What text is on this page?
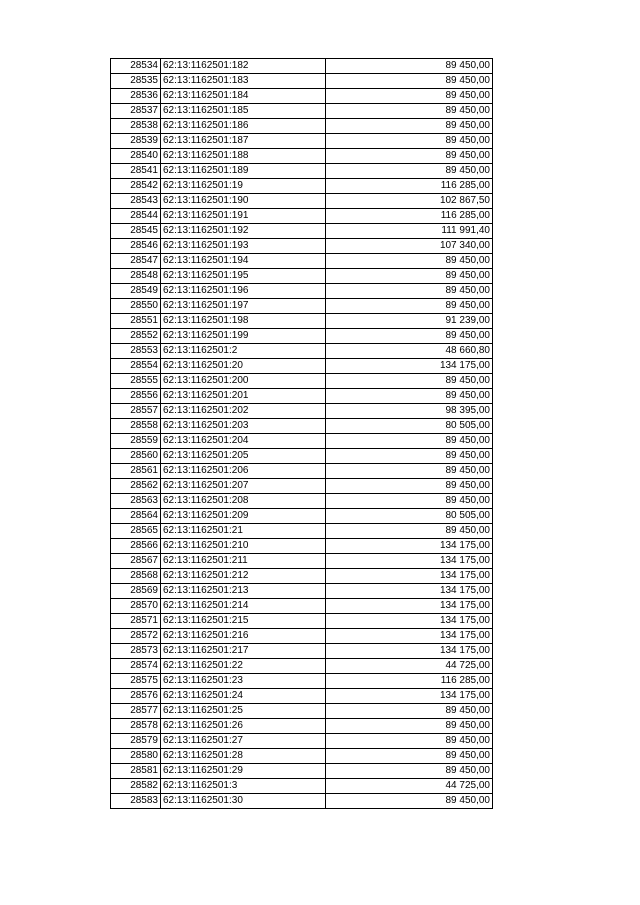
28534	62:13:1162501:182	89 450,00
28535	62:13:1162501:183	89 450,00
28536	62:13:1162501:184	89 450,00
28537	62:13:1162501:185	89 450,00
28538	62:13:1162501:186	89 450,00
28539	62:13:1162501:187	89 450,00
28540	62:13:1162501:188	89 450,00
28541	62:13:1162501:189	89 450,00
28542	62:13:1162501:19	116 285,00
28543	62:13:1162501:190	102 867,50
28544	62:13:1162501:191	116 285,00
28545	62:13:1162501:192	111 991,40
28546	62:13:1162501:193	107 340,00
28547	62:13:1162501:194	89 450,00
28548	62:13:1162501:195	89 450,00
28549	62:13:1162501:196	89 450,00
28550	62:13:1162501:197	89 450,00
28551	62:13:1162501:198	91 239,00
28552	62:13:1162501:199	89 450,00
28553	62:13:1162501:2	48 660,80
28554	62:13:1162501:20	134 175,00
28555	62:13:1162501:200	89 450,00
28556	62:13:1162501:201	89 450,00
28557	62:13:1162501:202	98 395,00
28558	62:13:1162501:203	80 505,00
28559	62:13:1162501:204	89 450,00
28560	62:13:1162501:205	89 450,00
28561	62:13:1162501:206	89 450,00
28562	62:13:1162501:207	89 450,00
28563	62:13:1162501:208	89 450,00
28564	62:13:1162501:209	80 505,00
28565	62:13:1162501:21	89 450,00
28566	62:13:1162501:210	134 175,00
28567	62:13:1162501:211	134 175,00
28568	62:13:1162501:212	134 175,00
28569	62:13:1162501:213	134 175,00
28570	62:13:1162501:214	134 175,00
28571	62:13:1162501:215	134 175,00
28572	62:13:1162501:216	134 175,00
28573	62:13:1162501:217	134 175,00
28574	62:13:1162501:22	44 725,00
28575	62:13:1162501:23	116 285,00
28576	62:13:1162501:24	134 175,00
28577	62:13:1162501:25	89 450,00
28578	62:13:1162501:26	89 450,00
28579	62:13:1162501:27	89 450,00
28580	62:13:1162501:28	89 450,00
28581	62:13:1162501:29	89 450,00
28582	62:13:1162501:3	44 725,00
28583	62:13:1162501:30	89 450,00
